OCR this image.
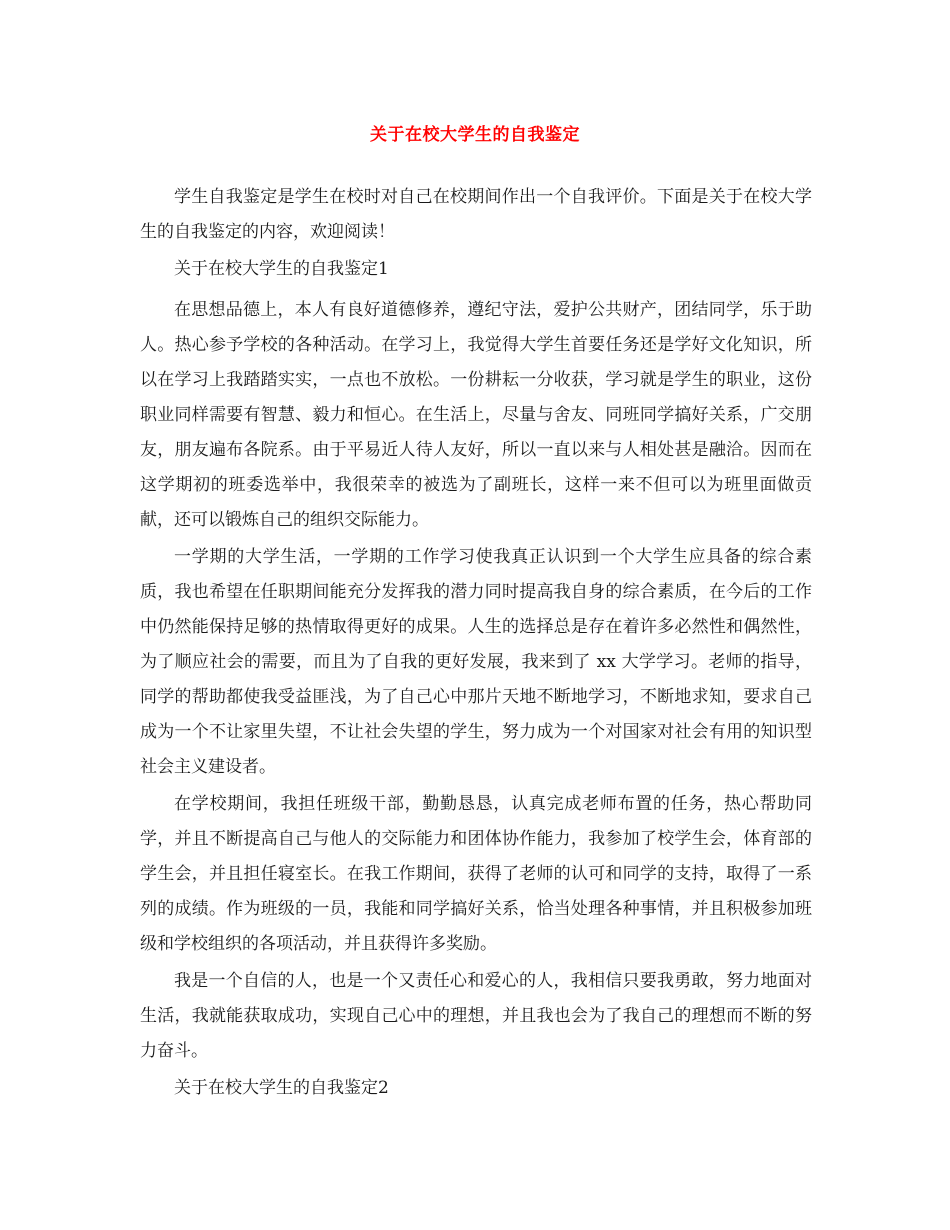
关于在校大学生的自我鉴定

学生自我鉴定是学生在校时对自己在校期间作出一个自我评价。下面是关于在校大学生的自我鉴定的内容，欢迎阅读！

关于在校大学生的自我鉴定1

在思想品德上，本人有良好道德修养，遵纪守法，爱护公共财产，团结同学，乐于助人。热心参予学校的各种活动。在学习上，我觉得大学生首要任务还是学好文化知识，所以在学习上我踏踏实实，一点也不放松。一份耕耘一分收获，学习就是学生的职业，这份职业同样需要有智慧、毅力和恒心。在生活上，尽量与舍友、同班同学搞好关系，广交朋友，朋友遍布各院系。由于平易近人待人友好，所以一直以来与人相处甚是融洽。因而在这学期初的班委选举中，我很荣幸的被选为了副班长，这样一来不但可以为班里面做贡献，还可以锻炼自己的组织交际能力。

一学期的大学生活，一学期的工作学习使我真正认识到一个大学生应具备的综合素质，我也希望在任职期间能充分发挥我的潜力同时提高我自身的综合素质，在今后的工作中仍然能保持足够的热情取得更好的成果。人生的选择总是存在着许多必然性和偶然性，为了顺应社会的需要，而且为了自我的更好发展，我来到了 xx 大学学习。老师的指导，同学的帮助都使我受益匪浅，为了自己心中那片天地不断地学习，不断地求知，要求自己成为一个不让家里失望，不让社会失望的学生，努力成为一个对国家对社会有用的知识型社会主义建设者。

在学校期间，我担任班级干部，勤勤恳恳，认真完成老师布置的任务，热心帮助同学，并且不断提高自己与他人的交际能力和团体协作能力，我参加了校学生会，体育部的学生会，并且担任寝室长。在我工作期间，获得了老师的认可和同学的支持，取得了一系列的成绩。作为班级的一员，我能和同学搞好关系，恰当处理各种事情，并且积极参加班级和学校组织的各项活动，并且获得许多奖励。

我是一个自信的人，也是一个又责任心和爱心的人，我相信只要我勇敢，努力地面对生活，我就能获取成功，实现自己心中的理想，并且我也会为了我自己的理想而不断的努力奋斗。

关于在校大学生的自我鉴定2
